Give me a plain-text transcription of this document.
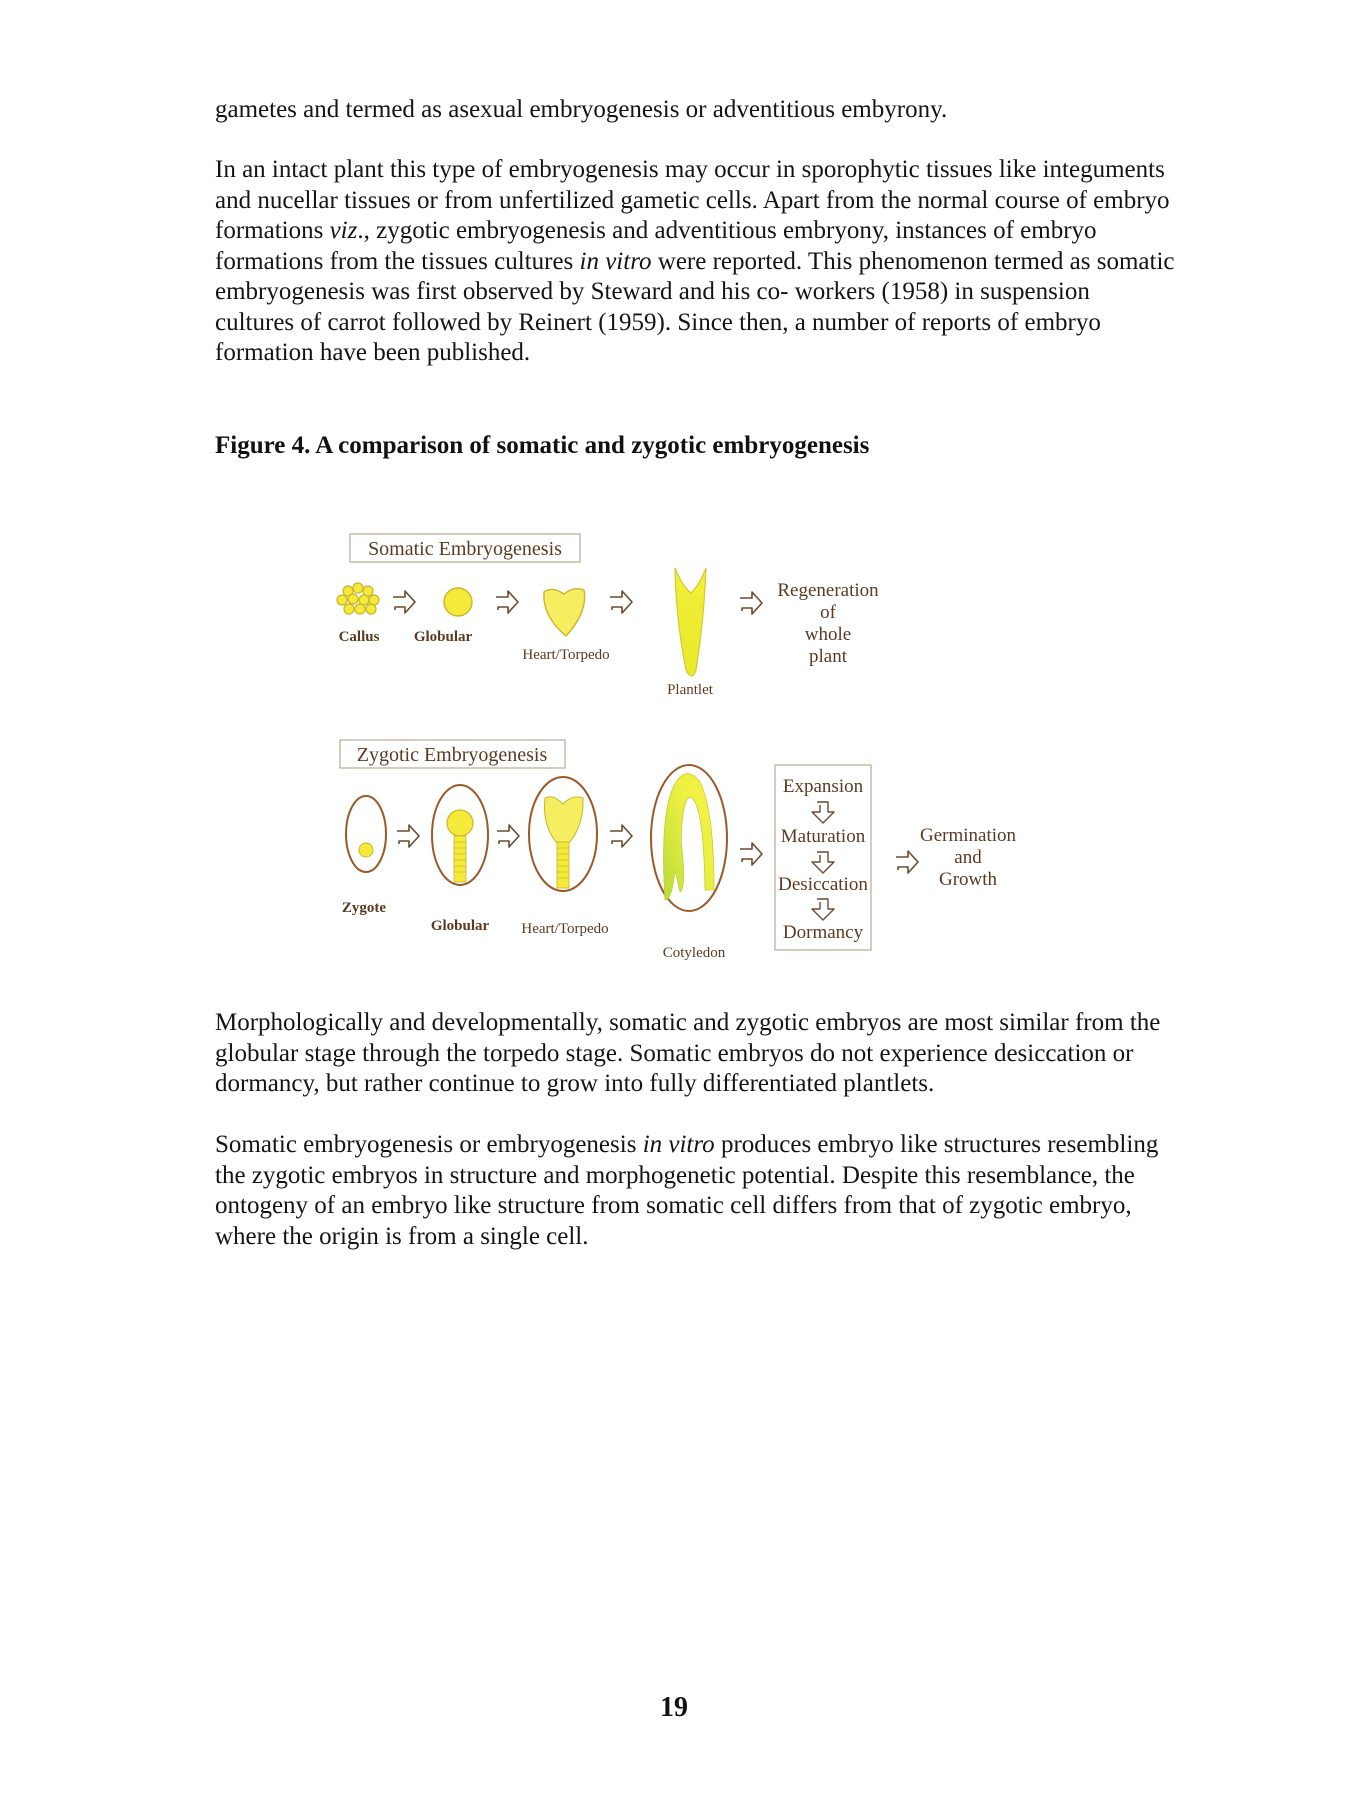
gametes and termed as asexual embryogenesis or adventitious embyrony.

In an intact plant this type of embryogenesis may occur in sporophytic tissues like integuments and nucellar tissues or from unfertilized gametic cells. Apart from the normal course of embryo formations viz., zygotic embryogenesis and adventitious embryony, instances of embryo formations from the tissues cultures in vitro were reported. This phenomenon termed as somatic embryogenesis was first observed by Steward and his co- workers (1958) in suspension cultures of carrot followed by Reinert (1959). Since then, a number of reports of embryo formation have been published.

Figure 4. A comparison of somatic and zygotic embryogenesis
Somatic Embryogenesis
Callus Globular
Heart/Torpedo
Plantlet
Regeneration
of
whole
plant
Zygotic Embryogenesis
Expansion
Maturation
Desiccation
Dormancy
Germination
and
Growth
Zygote
Globular Heart/Torpedo
Cotyledon

Morphologically and developmentally, somatic and zygotic embryos are most similar from the globular stage through the torpedo stage. Somatic embryos do not experience desiccation or dormancy, but rather continue to grow into fully differentiated plantlets.

Somatic embryogenesis or embryogenesis in vitro produces embryo like structures resembling the zygotic embryos in structure and morphogenetic potential. Despite this resemblance, the ontogeny of an embryo like structure from somatic cell differs from that of zygotic embryo, where the origin is from a single cell.

19
